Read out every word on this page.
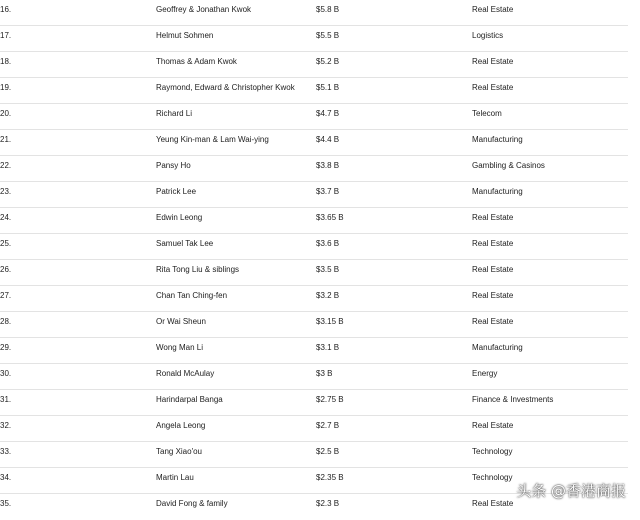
16.	Geoffrey & Jonathan Kwok	$5.8 B	Real Estate
17.	Helmut Sohmen	$5.5 B	Logistics
18.	Thomas & Adam Kwok	$5.2 B	Real Estate
19.	Raymond, Edward & Christopher Kwok	$5.1 B	Real Estate
20.	Richard Li	$4.7 B	Telecom
21.	Yeung Kin-man & Lam Wai-ying	$4.4 B	Manufacturing
22.	Pansy Ho	$3.8 B	Gambling & Casinos
23.	Patrick Lee	$3.7 B	Manufacturing
24.	Edwin Leong	$3.65 B	Real Estate
25.	Samuel Tak Lee	$3.6 B	Real Estate
26.	Rita Tong Liu & siblings	$3.5 B	Real Estate
27.	Chan Tan Ching-fen	$3.2 B	Real Estate
28.	Or Wai Sheun	$3.15 B	Real Estate
29.	Wong Man Li	$3.1 B	Manufacturing
30.	Ronald McAulay	$3 B	Energy
31.	Harindarpal Banga	$2.75 B	Finance & Investments
32.	Angela Leong	$2.7 B	Real Estate
33.	Tang Xiao'ou	$2.5 B	Technology
34.	Martin Lau	$2.35 B	Technology
35.	David Fong & family	$2.3 B	Real Estate
头条 @香港商报
